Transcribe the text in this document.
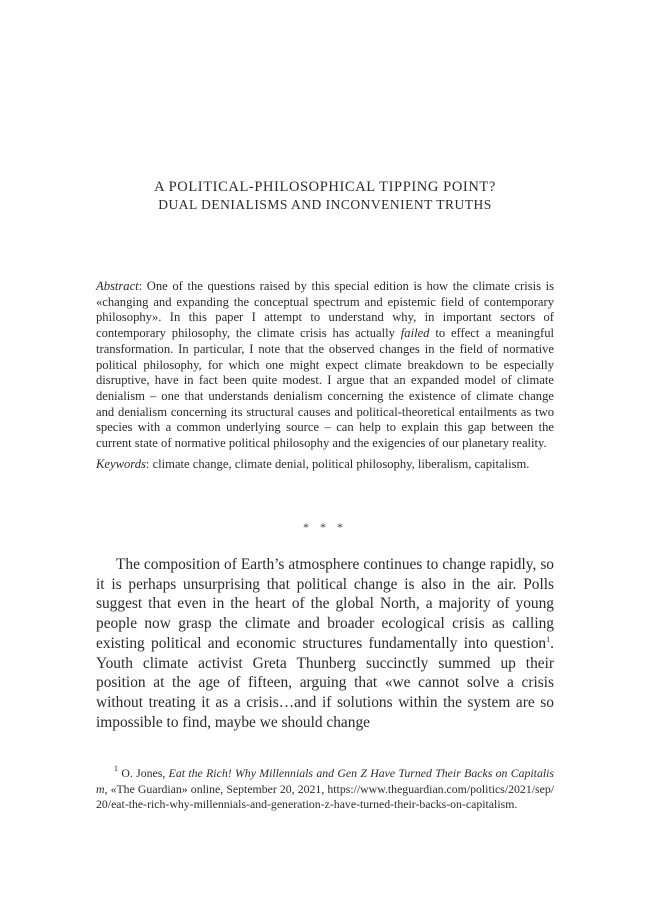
A POLITICAL-PHILOSOPHICAL TIPPING POINT?
DUAL DENIALISMS AND INCONVENIENT TRUTHS

Abstract: One of the questions raised by this special edition is how the climate crisis is «changing and expanding the conceptual spectrum and epistemic field of contemporary philosophy». In this paper I attempt to understand why, in important sectors of contemporary philosophy, the climate crisis has actually failed to effect a meaningful transformation. In particular, I note that the observed changes in the field of normative political philosophy, for which one might expect climate breakdown to be especially disruptive, have in fact been quite modest. I argue that an expanded model of climate denialism – one that understands denialism concerning the existence of climate change and denialism concerning its structural causes and political-theoretical entailments as two species with a common underlying source – can help to explain this gap between the current state of normative political philosophy and the exigencies of our planetary reality.

Keywords: climate change, climate denial, political philosophy, liberalism, capitalism.

* * *

The composition of Earth’s atmosphere continues to change rapidly, so it is perhaps unsurprising that political change is also in the air. Polls suggest that even in the heart of the global North, a majority of young people now grasp the climate and broader ecological crisis as calling existing political and economic structures fundamentally into question$^1$. Youth climate activist Greta Thunberg succinctly summed up their position at the age of fifteen, arguing that «we cannot solve a crisis without treating it as a crisis…and if solutions within the system are so impossible to find, maybe we should change

$^1$ O. Jones, Eat the Rich! Why Millennials and Gen Z Have Turned Their Backs on Capitalism, «The Guardian» online, September 20, 2021, https://www.theguardian.com/politics/2021/sep/20/eat-the-rich-why-millennials-and-generation-z-have-turned-their-backs-on-capitalism.
